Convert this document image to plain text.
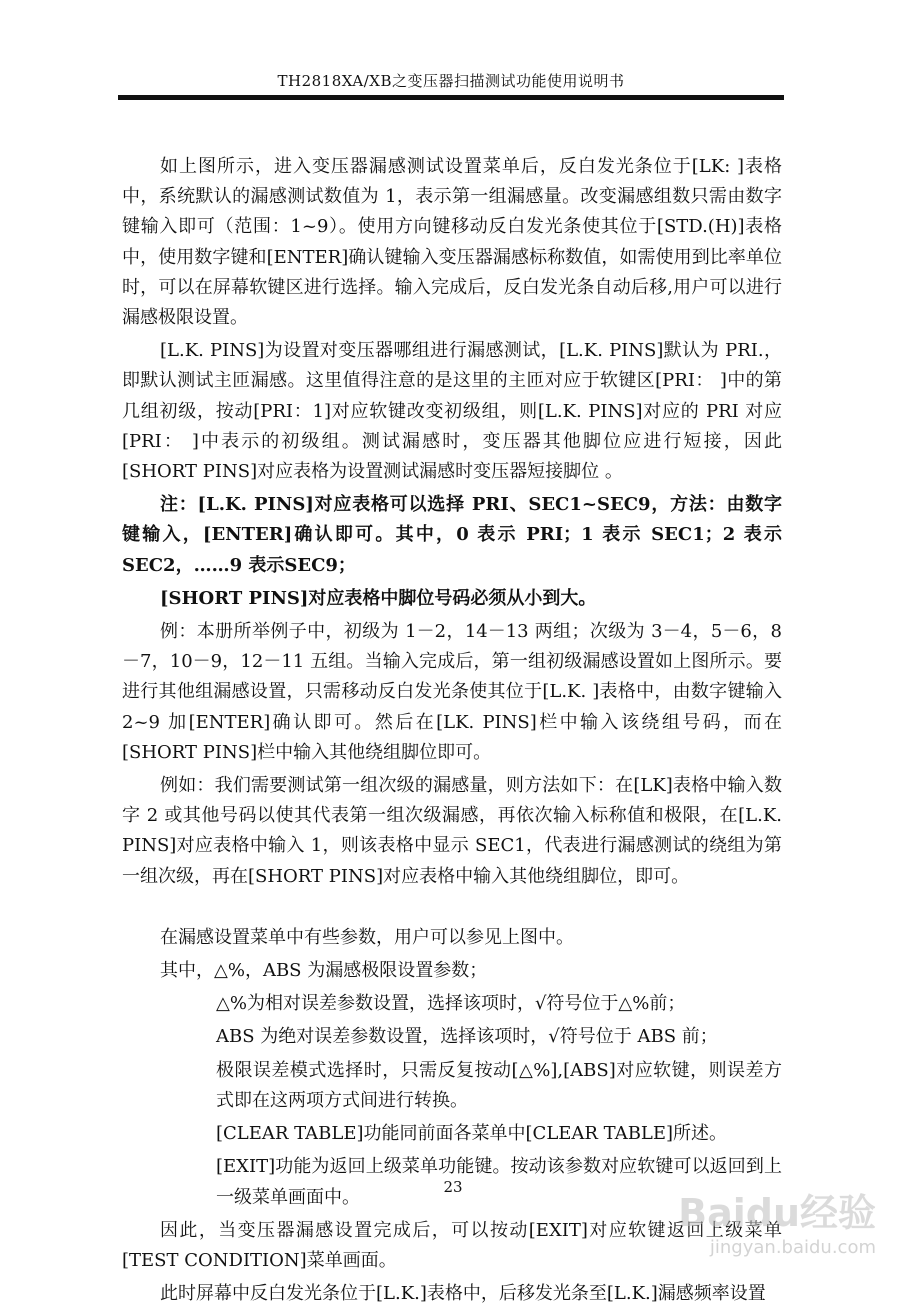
TH2818XA/XB之变压器扫描测试功能使用说明书

如上图所示，进入变压器漏感测试设置菜单后，反白发光条位于[LK: ]表格中，系统默认的漏感测试数值为 1，表示第一组漏感量。改变漏感组数只需由数字键输入即可（范围：1~9）。使用方向键移动反白发光条使其位于[STD.(H)]表格中，使用数字键和[ENTER]确认键输入变压器漏感标称数值，如需使用到比率单位时，可以在屏幕软键区进行选择。输入完成后，反白发光条自动后移,用户可以进行漏感极限设置。

[L.K. PINS]为设置对变压器哪组进行漏感测试，[L.K. PINS]默认为 PRI.，即默认测试主匝漏感。这里值得注意的是这里的主匝对应于软键区[PRI： ]中的第几组初级，按动[PRI：1]对应软键改变初级组，则[L.K. PINS]对应的 PRI 对应[PRI： ]中表示的初级组。测试漏感时，变压器其他脚位应进行短接，因此[SHORT PINS]对应表格为设置测试漏感时变压器短接脚位 。

注：[L.K. PINS]对应表格可以选择 PRI、SEC1~SEC9，方法：由数字键输入，[ENTER]确认即可。其中，0 表示 PRI；1 表示 SEC1；2 表示 SEC2，……9 表示SEC9；

[SHORT PINS]对应表格中脚位号码必须从小到大。

例：本册所举例子中，初级为 1－2，14－13 两组；次级为 3－4，5－6，8－7，10－9，12－11 五组。当输入完成后，第一组初级漏感设置如上图所示。要进行其他组漏感设置，只需移动反白发光条使其位于[L.K. ]表格中，由数字键输入 2~9 加[ENTER]确认即可。然后在[LK. PINS]栏中输入该绕组号码，而在[SHORT PINS]栏中输入其他绕组脚位即可。

例如：我们需要测试第一组次级的漏感量，则方法如下：在[LK]表格中输入数字 2 或其他号码以使其代表第一组次级漏感，再依次输入标称值和极限，在[L.K. PINS]对应表格中输入 1，则该表格中显示 SEC1，代表进行漏感测试的绕组为第一组次级，再在[SHORT PINS]对应表格中输入其他绕组脚位，即可。

在漏感设置菜单中有些参数，用户可以参见上图中。

其中，△%，ABS 为漏感极限设置参数；

△%为相对误差参数设置，选择该项时，√符号位于△%前；

ABS 为绝对误差参数设置，选择该项时，√符号位于 ABS 前；

极限误差模式选择时，只需反复按动[△%],[ABS]对应软键，则误差方式即在这两项方式间进行转换。

[CLEAR TABLE]功能同前面各菜单中[CLEAR TABLE]所述。

[EXIT]功能为返回上级菜单功能键。按动该参数对应软键可以返回到上一级菜单画面中。

因此，当变压器漏感设置完成后，可以按动[EXIT]对应软键返回上级菜单[TEST CONDITION]菜单画面。

此时屏幕中反白发光条位于[L.K.]表格中，后移发光条至[L.K.]漏感频率设置

23
Baidu经验
jingyan.baidu.com
